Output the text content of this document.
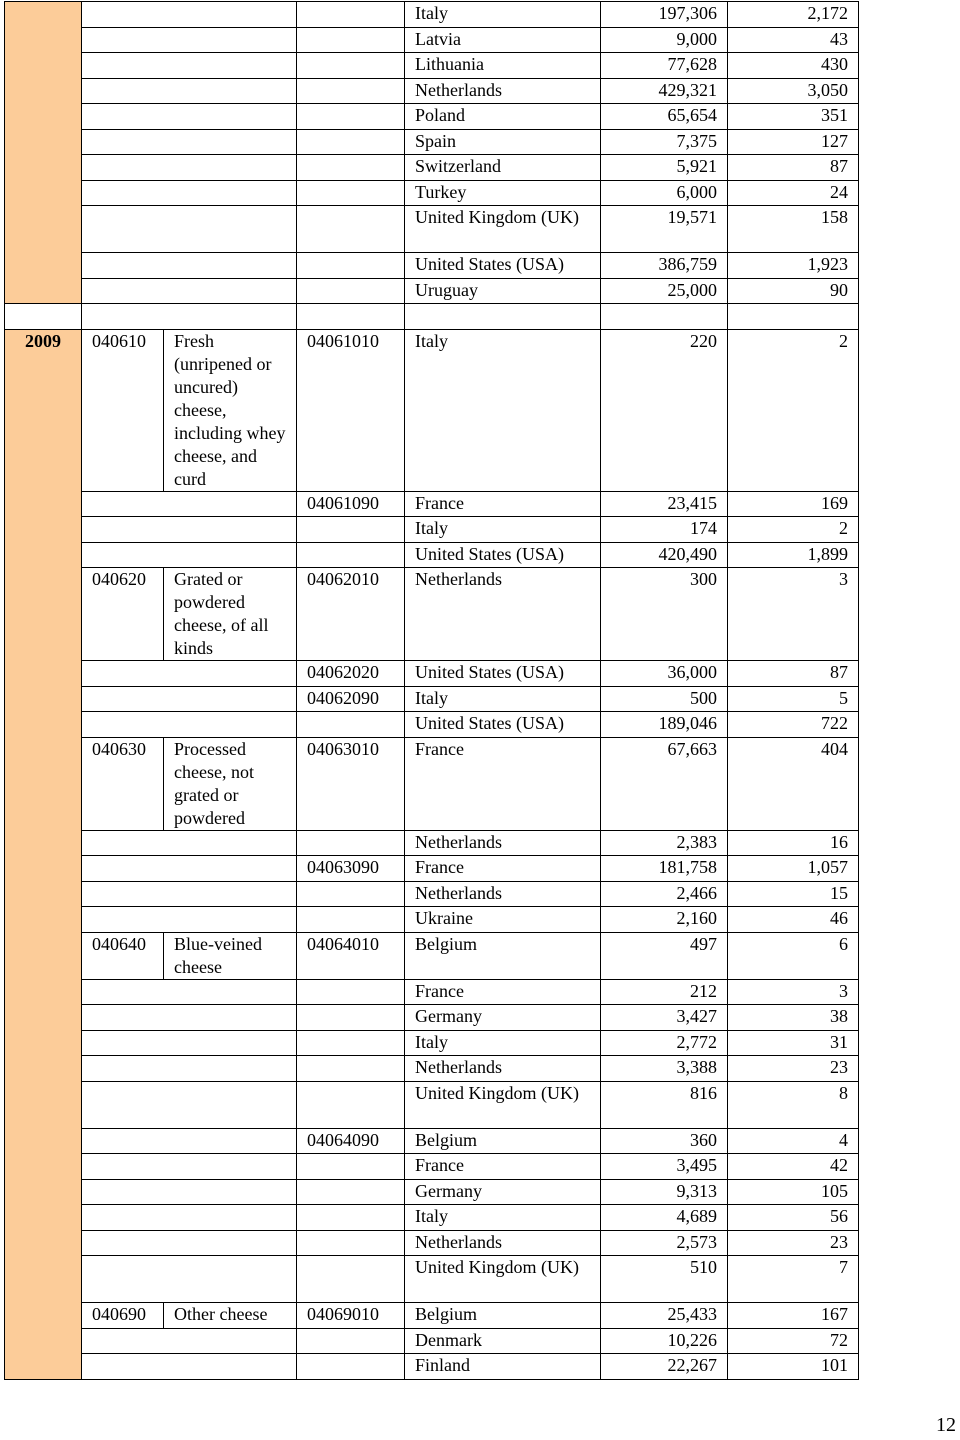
				Italy	197,306	2,172
				Latvia	9,000	43
				Lithuania	77,628	430
				Netherlands	429,321	3,050
				Poland	65,654	351
				Spain	7,375	127
				Switzerland	5,921	87
				Turkey	6,000	24
				United Kingdom (UK)	19,571	158
				United States (USA)	386,759	1,923
				Uruguay	25,000	90

2009	040610	Fresh (unripened or uncured) cheese, including whey cheese, and curd	04061010	Italy	220	2
			04061090	France	23,415	169
				Italy	174	2
				United States (USA)	420,490	1,899
	040620	Grated or powdered cheese, of all kinds	04062010	Netherlands	300	3
			04062020	United States (USA)	36,000	87
			04062090	Italy	500	5
				United States (USA)	189,046	722
	040630	Processed cheese, not grated or powdered	04063010	France	67,663	404
				Netherlands	2,383	16
			04063090	France	181,758	1,057
				Netherlands	2,466	15
				Ukraine	2,160	46
	040640	Blue-veined cheese	04064010	Belgium	497	6
				France	212	3
				Germany	3,427	38
				Italy	2,772	31
				Netherlands	3,388	23
				United Kingdom (UK)	816	8
			04064090	Belgium	360	4
				France	3,495	42
				Germany	9,313	105
				Italy	4,689	56
				Netherlands	2,573	23
				United Kingdom (UK)	510	7
	040690	Other cheese	04069010	Belgium	25,433	167
				Denmark	10,226	72
				Finland	22,267	101
12
